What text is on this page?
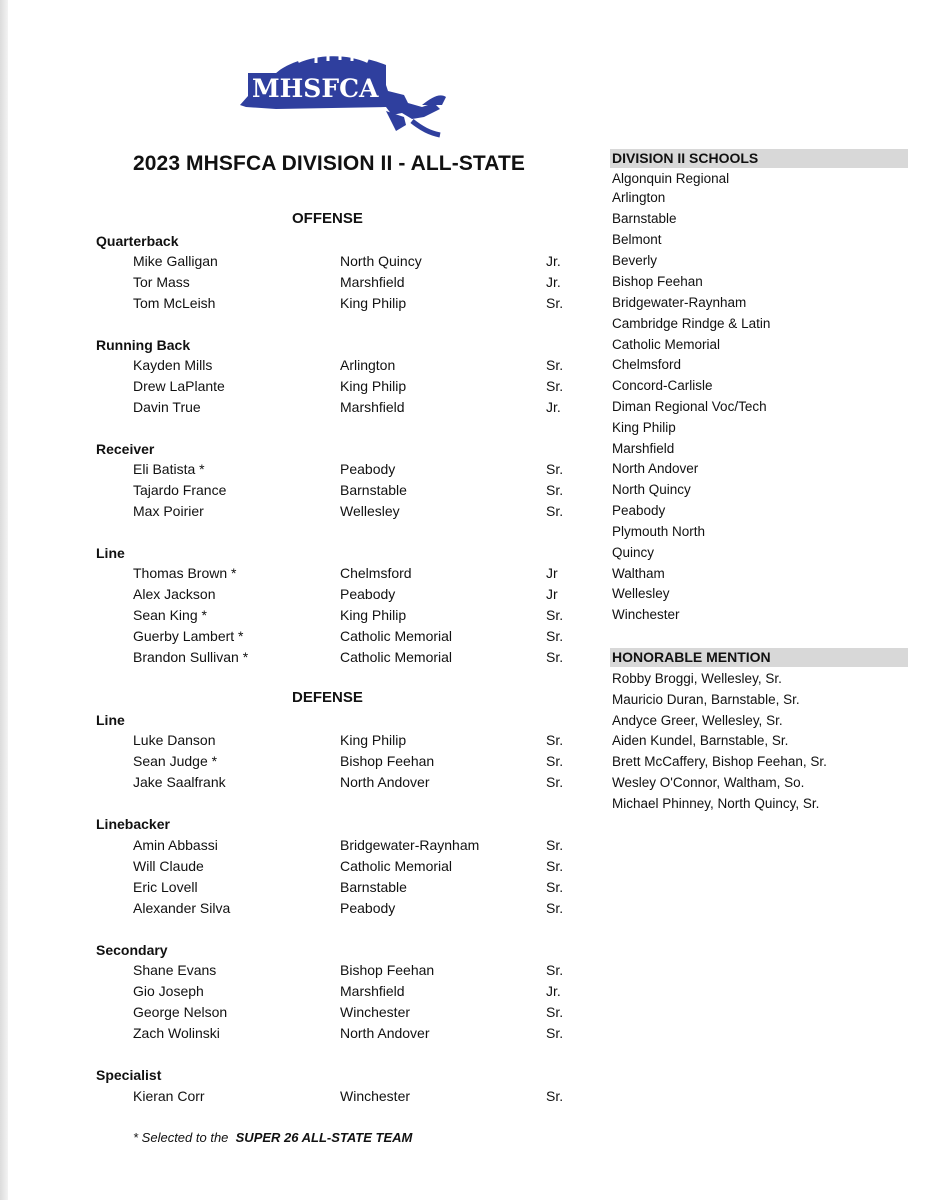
MHSFCA
2023 MHSFCA DIVISION II - ALL-STATE
OFFENSE
Quarterback
Mike Galligan	North Quincy	Jr.
Tor Mass	Marshfield	Jr.
Tom McLeish	King Philip	Sr.
Running Back
Kayden Mills	Arlington	Sr.
Drew LaPlante	King Philip	Sr.
Davin True	Marshfield	Jr.
Receiver
Eli Batista *	Peabody	Sr.
Tajardo France	Barnstable	Sr.
Max Poirier	Wellesley	Sr.
Line
Thomas Brown *	Chelmsford	Jr
Alex Jackson	Peabody	Jr
Sean King *	King Philip	Sr.
Guerby Lambert *	Catholic Memorial	Sr.
Brandon Sullivan *	Catholic Memorial	Sr.
DEFENSE
Line
Luke Danson	King Philip	Sr.
Sean Judge *	Bishop Feehan	Sr.
Jake Saalfrank	North Andover	Sr.
Linebacker
Amin Abbassi	Bridgewater-Raynham	Sr.
Will Claude	Catholic Memorial	Sr.
Eric Lovell	Barnstable	Sr.
Alexander Silva	Peabody	Sr.
Secondary
Shane Evans	Bishop Feehan	Sr.
Gio Joseph	Marshfield	Jr.
George Nelson	Winchester	Sr.
Zach Wolinski	North Andover	Sr.
Specialist
Kieran Corr	Winchester	Sr.
* Selected to the SUPER 26 ALL-STATE TEAM
DIVISION II SCHOOLS
Algonquin Regional
Arlington
Barnstable
Belmont
Beverly
Bishop Feehan
Bridgewater-Raynham
Cambridge Rindge & Latin
Catholic Memorial
Chelmsford
Concord-Carlisle
Diman Regional Voc/Tech
King Philip
Marshfield
North Andover
North Quincy
Peabody
Plymouth North
Quincy
Waltham
Wellesley
Winchester
HONORABLE MENTION
Robby Broggi, Wellesley, Sr.
Mauricio Duran, Barnstable, Sr.
Andyce Greer, Wellesley, Sr.
Aiden Kundel, Barnstable, Sr.
Brett McCaffery, Bishop Feehan, Sr.
Wesley O'Connor, Waltham, So.
Michael Phinney, North Quincy, Sr.
